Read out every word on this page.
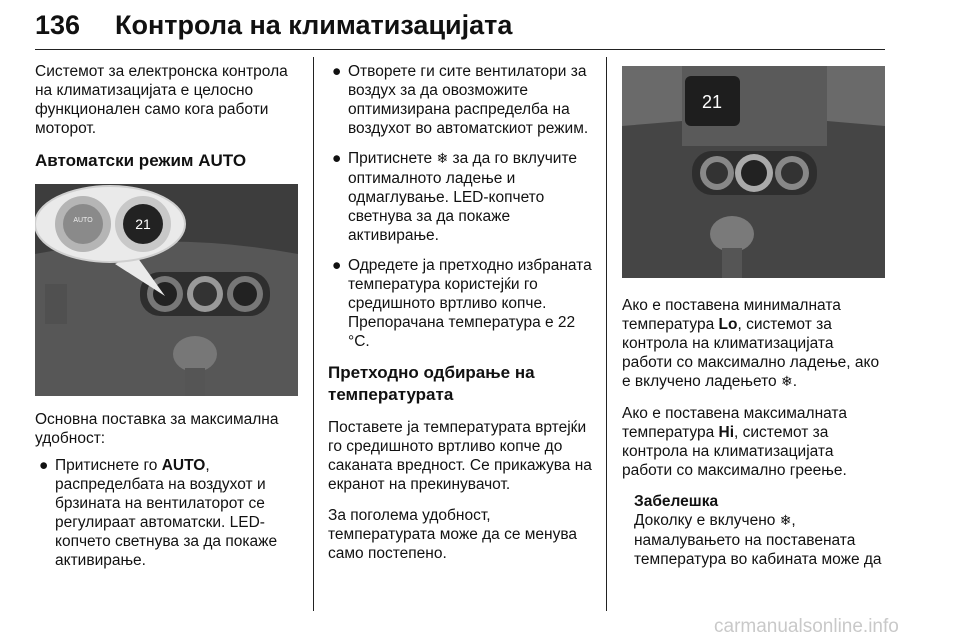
136 Контрола на климатизацијата

Системот за електронска контрола на климатизацијата е целосно функционален само кога работи моторот.

Автоматски режим AUTO
AUTO	21

Основна поставка за максимална удобност:

● Притиснете го AUTO, распределбата на воздухот и брзината на вентилаторот се регулираат автоматски. LED-копчето светнува за да покаже активирање.
● Отворете ги сите вентилатори за воздух за да овозможите оптимизирана распределба на воздухот во автоматскиот режим.
● Притиснете ❄ за да го вклучите оптималното ладење и одмаглување. LED-копчето светнува за да покаже активирање.
● Одредете ја претходно избраната температура користејќи го средишното вртливо копче. Препорачана температура е 22 °C.
Претходно одбирање на температурата

Поставете ја температурата вртејќи го средишното вртливо копче до саканата вредност. Се прикажува на екранот на прекинувачот.

За поголема удобност, температурата може да се менува само постепено.

21

Ако е поставена минималната температура Lo, системот за контрола на климатизацијата работи со максимално ладење, ако е вклучено ладењето ❄.

Ако е поставена максималната температура Hi, системот за контрола на климатизацијата работи со максимално греење.

Забелешка

Доколку е вклучено ❄, намалувањето на поставената температура во кабината може да

carmanualsonline.info
